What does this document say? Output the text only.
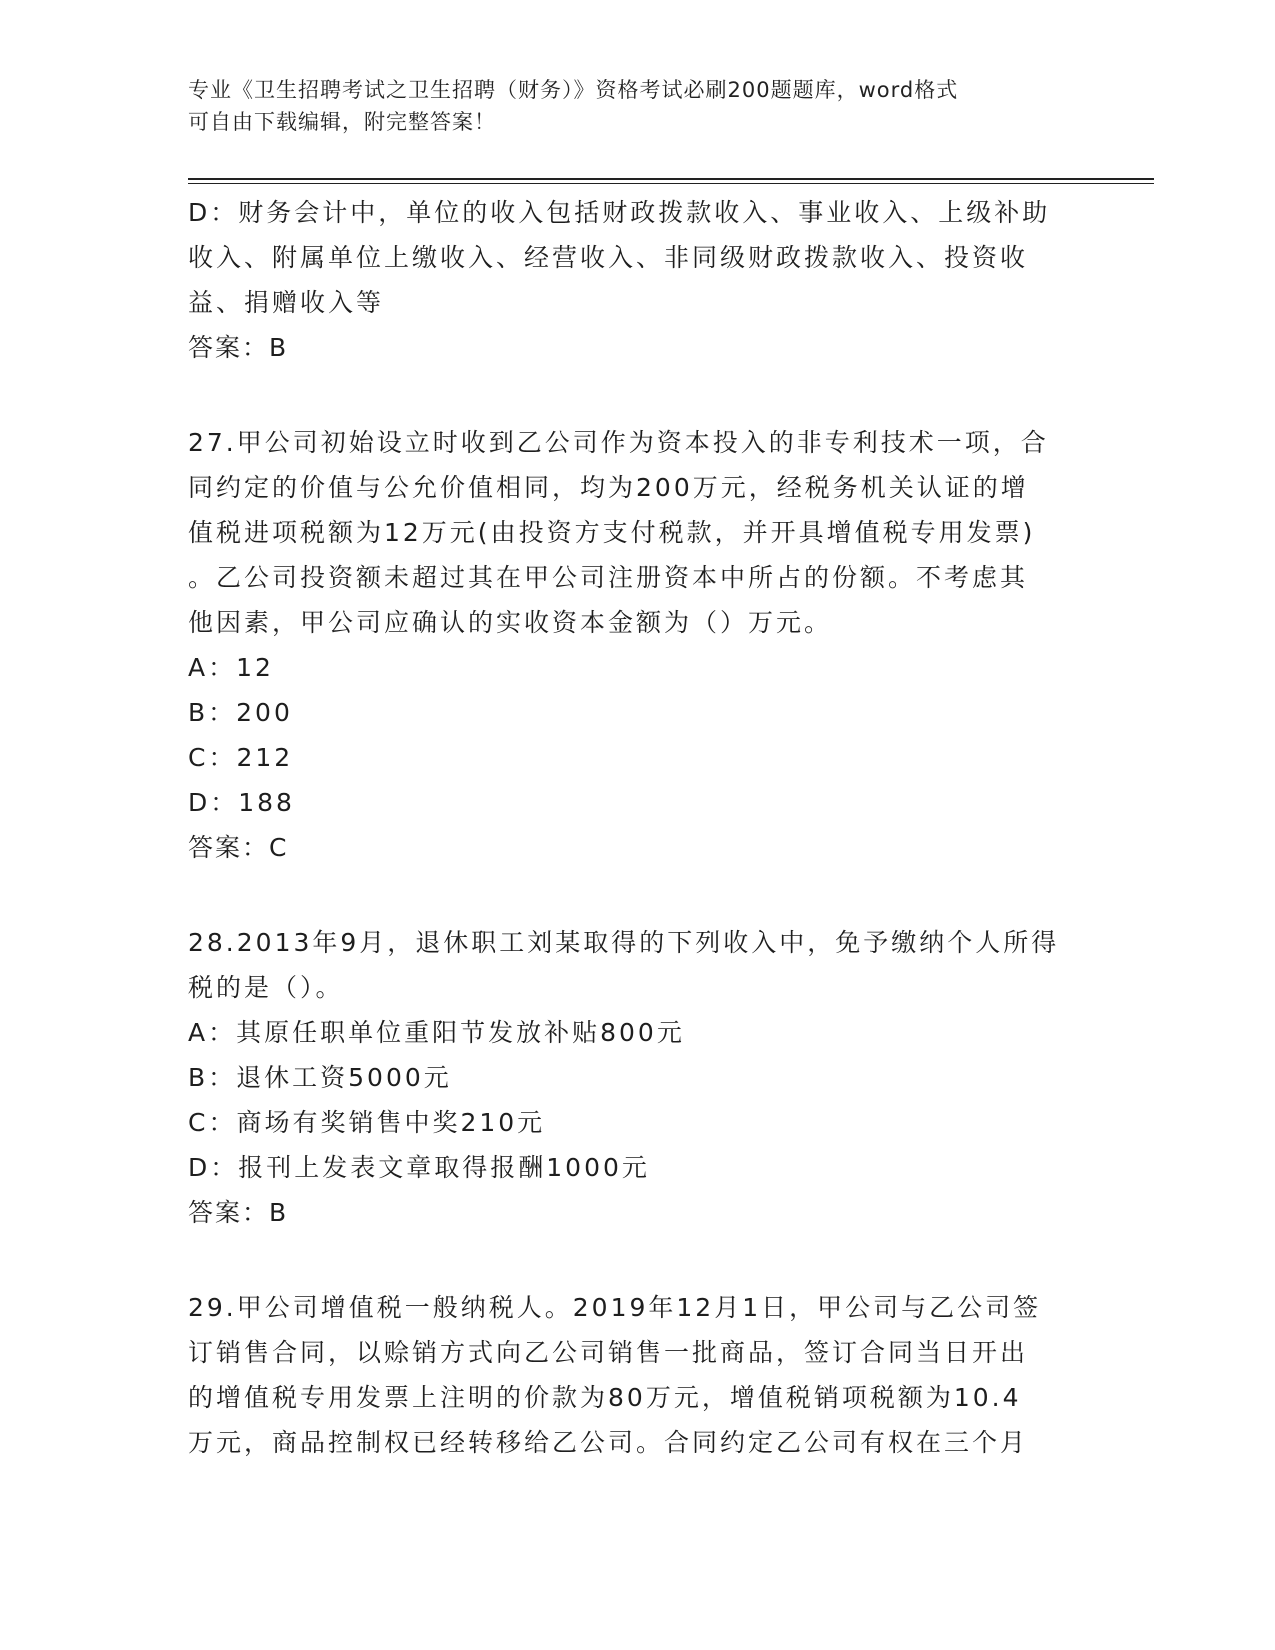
专业《卫生招聘考试之卫生招聘（财务）》资格考试必刷200题题库，word格式
可自由下载编辑，附完整答案！

D：财务会计中，单位的收入包括财政拨款收入、事业收入、上级补助

收入、附属单位上缴收入、经营收入、非同级财政拨款收入、投资收

益、捐赠收入等

答案：B

27.甲公司初始设立时收到乙公司作为资本投入的非专利技术一项，合

同约定的价值与公允价值相同，均为200万元，经税务机关认证的增

值税进项税额为12万元(由投资方支付税款，并开具增值税专用发票)

。乙公司投资额未超过其在甲公司注册资本中所占的份额。不考虑其

他因素，甲公司应确认的实收资本金额为（）万元。

A：12

B：200

C：212

D：188

答案：C

28.2013年9月，退休职工刘某取得的下列收入中，免予缴纳个人所得

税的是（）。

A：其原任职单位重阳节发放补贴800元

B：退休工资5000元

C：商场有奖销售中奖210元

D：报刊上发表文章取得报酬1000元

答案：B

29.甲公司增值税一般纳税人。2019年12月1日，甲公司与乙公司签

订销售合同，以赊销方式向乙公司销售一批商品，签订合同当日开出

的增值税专用发票上注明的价款为80万元，增值税销项税额为10.4

万元，商品控制权已经转移给乙公司。合同约定乙公司有权在三个月
